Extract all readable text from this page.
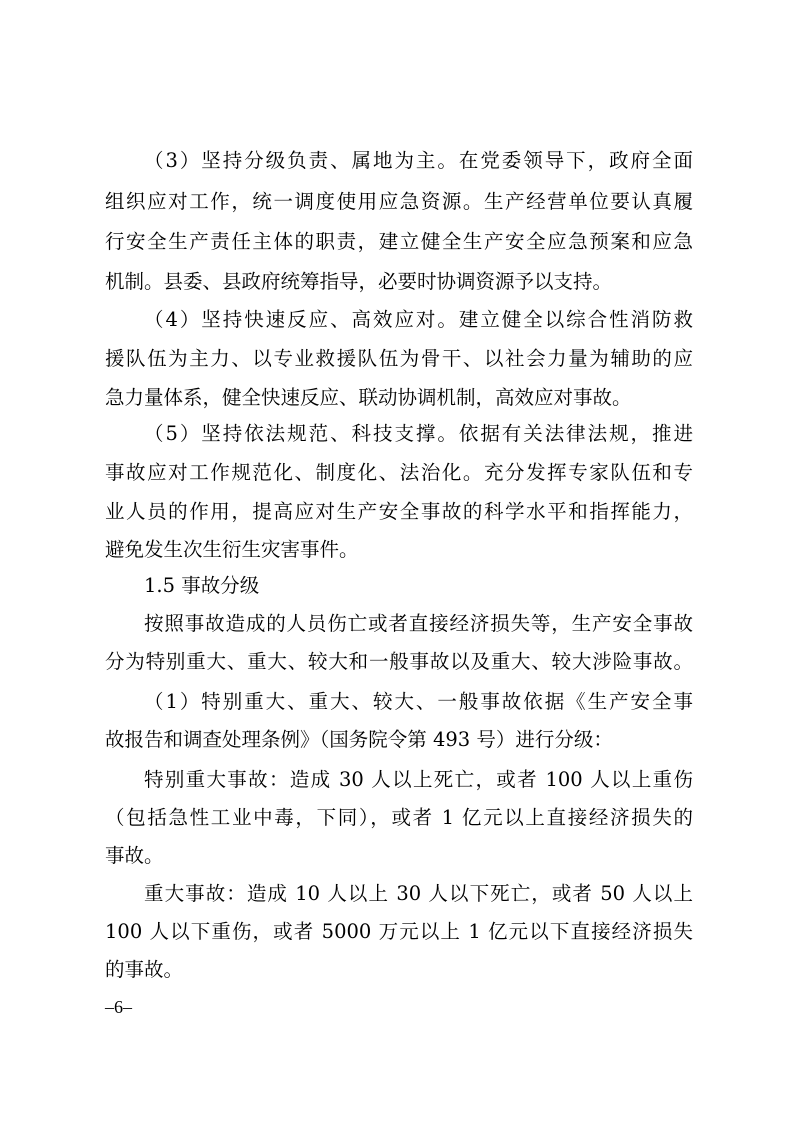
（3）坚持分级负责、属地为主。在党委领导下，政府全面
组织应对工作，统一调度使用应急资源。生产经营单位要认真履
行安全生产责任主体的职责，建立健全生产安全应急预案和应急
机制。县委、县政府统筹指导，必要时协调资源予以支持。
（4）坚持快速反应、高效应对。建立健全以综合性消防救
援队伍为主力、以专业救援队伍为骨干、以社会力量为辅助的应
急力量体系，健全快速反应、联动协调机制，高效应对事故。
（5）坚持依法规范、科技支撑。依据有关法律法规，推进
事故应对工作规范化、制度化、法治化。充分发挥专家队伍和专
业人员的作用，提高应对生产安全事故的科学水平和指挥能力，
避免发生次生衍生灾害事件。
1.5 事故分级
按照事故造成的人员伤亡或者直接经济损失等，生产安全事故
分为特别重大、重大、较大和一般事故以及重大、较大涉险事故。
（1）特别重大、重大、较大、一般事故依据《生产安全事
故报告和调查处理条例》（国务院令第 493 号）进行分级：
特别重大事故：造成 30 人以上死亡，或者 100 人以上重伤
（包括急性工业中毒，下同），或者 1 亿元以上直接经济损失的
事故。
重大事故：造成 10 人以上 30 人以下死亡，或者 50 人以上
100 人以下重伤，或者 5000 万元以上 1 亿元以下直接经济损失
的事故。
–6–
